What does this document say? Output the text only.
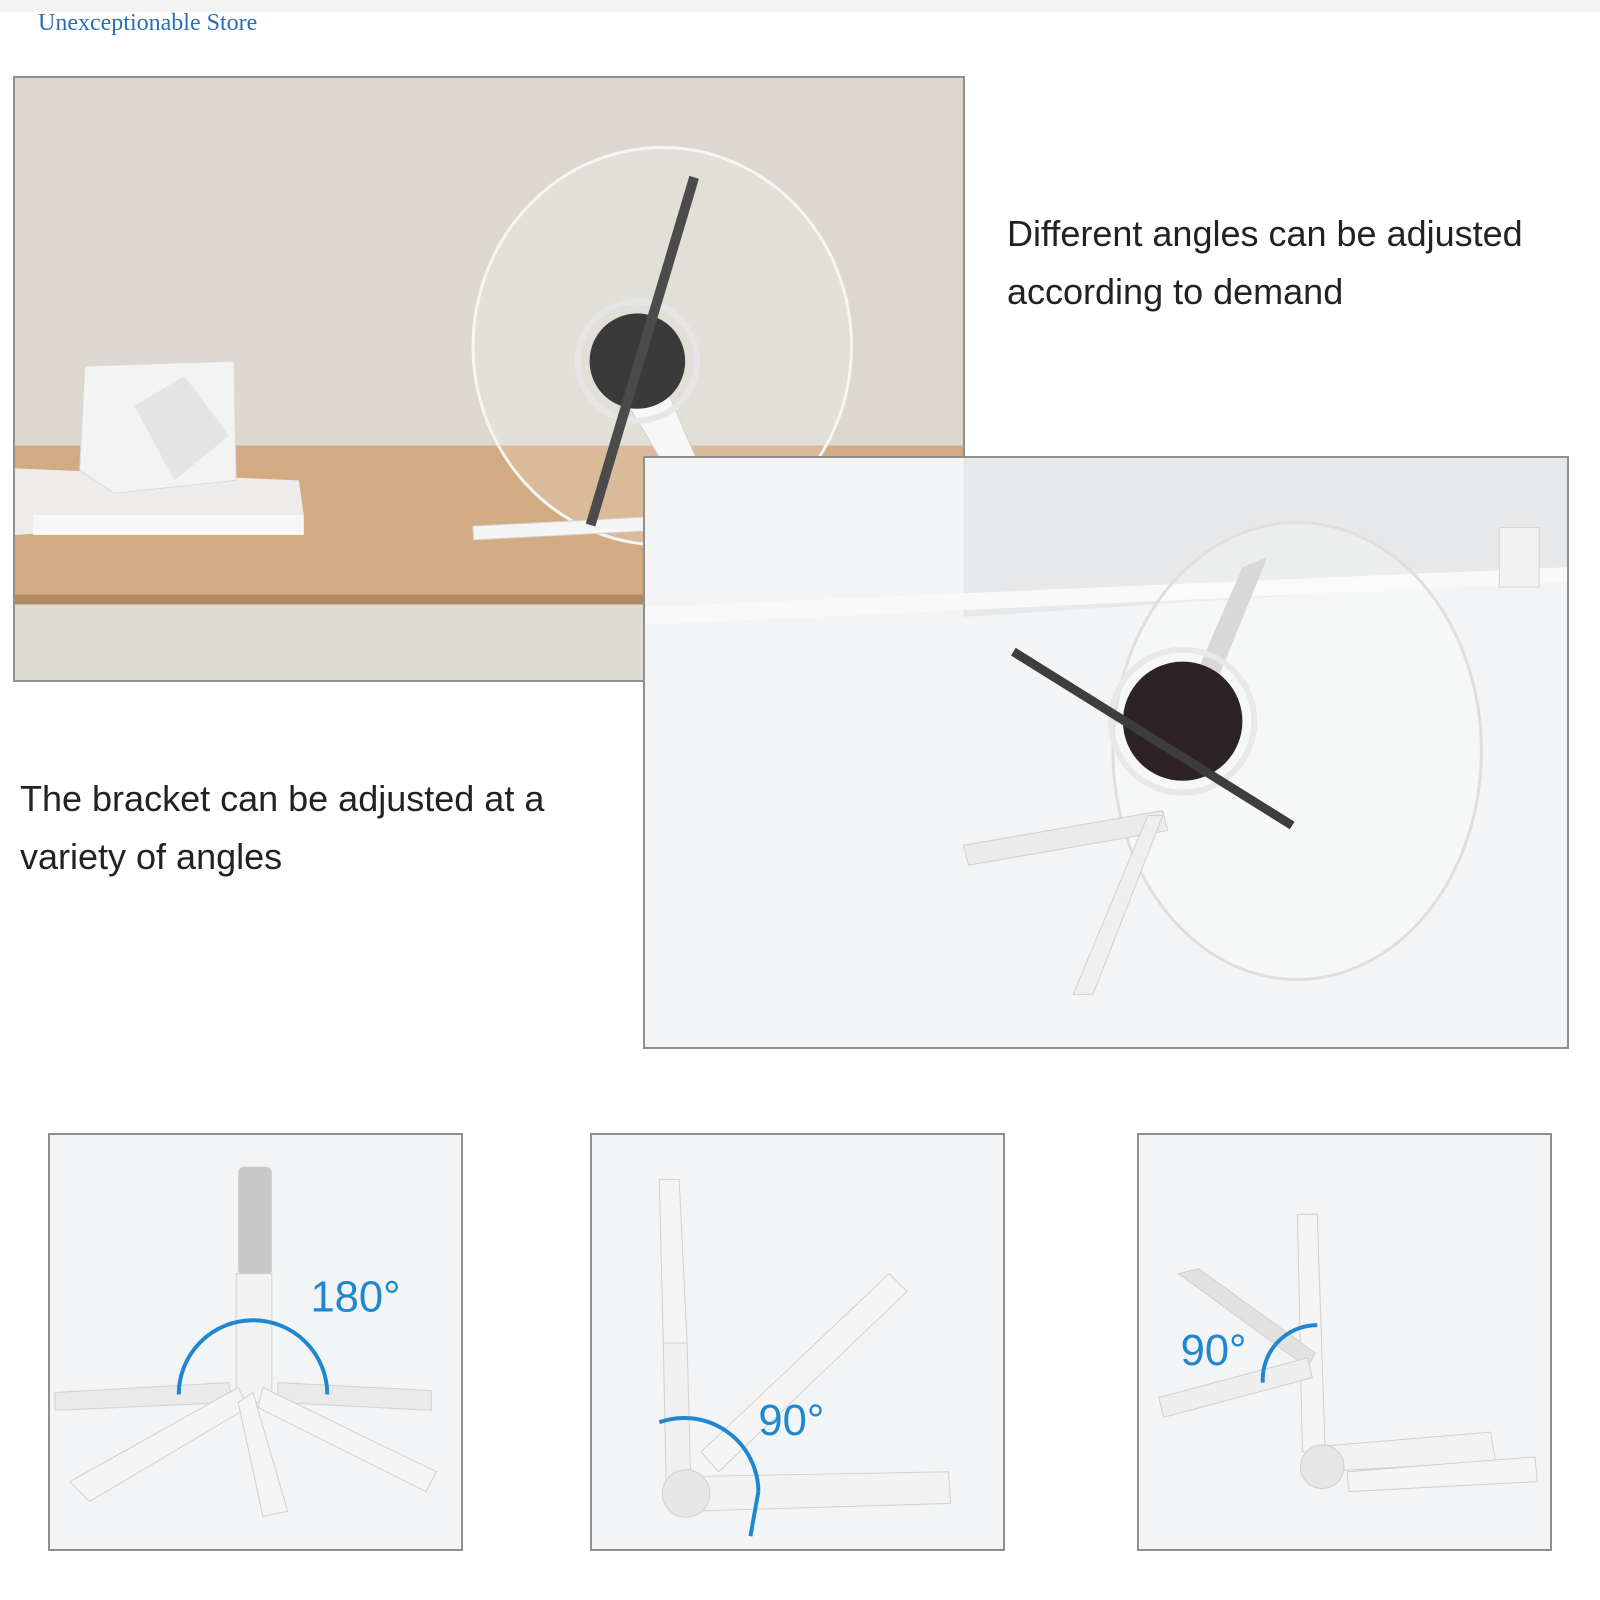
Unexceptionable Store
Different angles can be adjusted according to demand
The bracket can be adjusted at a variety of angles
180°
90°
90°
